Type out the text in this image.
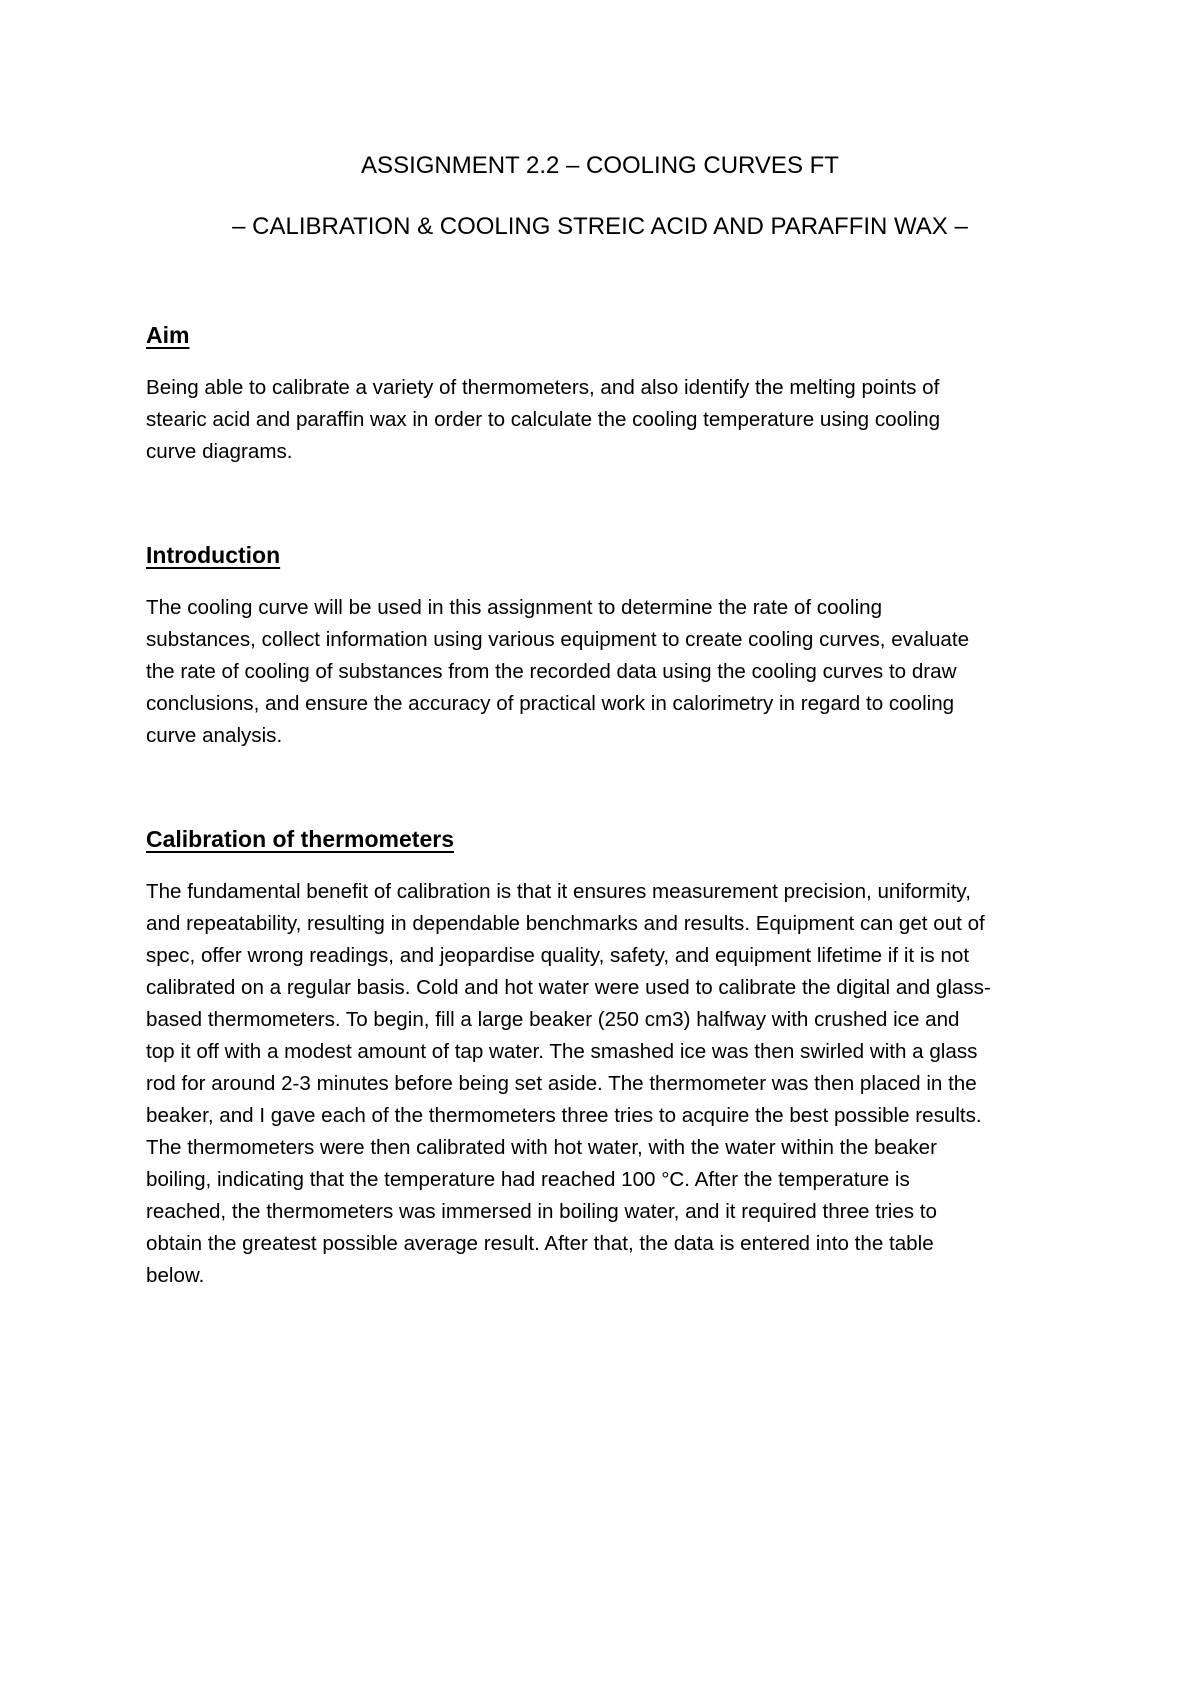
ASSIGNMENT 2.2 – COOLING CURVES FT
– CALIBRATION & COOLING STREIC ACID AND PARAFFIN WAX –
Aim

Being able to calibrate a variety of thermometers, and also identify the melting points of
stearic acid and paraffin wax in order to calculate the cooling temperature using cooling
curve diagrams.

Introduction

The cooling curve will be used in this assignment to determine the rate of cooling
substances, collect information using various equipment to create cooling curves, evaluate
the rate of cooling of substances from the recorded data using the cooling curves to draw
conclusions, and ensure the accuracy of practical work in calorimetry in regard to cooling
curve analysis.

Calibration of thermometers

The fundamental benefit of calibration is that it ensures measurement precision, uniformity,
and repeatability, resulting in dependable benchmarks and results. Equipment can get out of
spec, offer wrong readings, and jeopardise quality, safety, and equipment lifetime if it is not
calibrated on a regular basis. Cold and hot water were used to calibrate the digital and glass-
based thermometers. To begin, fill a large beaker (250 cm3) halfway with crushed ice and
top it off with a modest amount of tap water. The smashed ice was then swirled with a glass
rod for around 2-3 minutes before being set aside. The thermometer was then placed in the
beaker, and I gave each of the thermometers three tries to acquire the best possible results.
The thermometers were then calibrated with hot water, with the water within the beaker
boiling, indicating that the temperature had reached 100 °C. After the temperature is
reached, the thermometers was immersed in boiling water, and it required three tries to
obtain the greatest possible average result. After that, the data is entered into the table
below.
